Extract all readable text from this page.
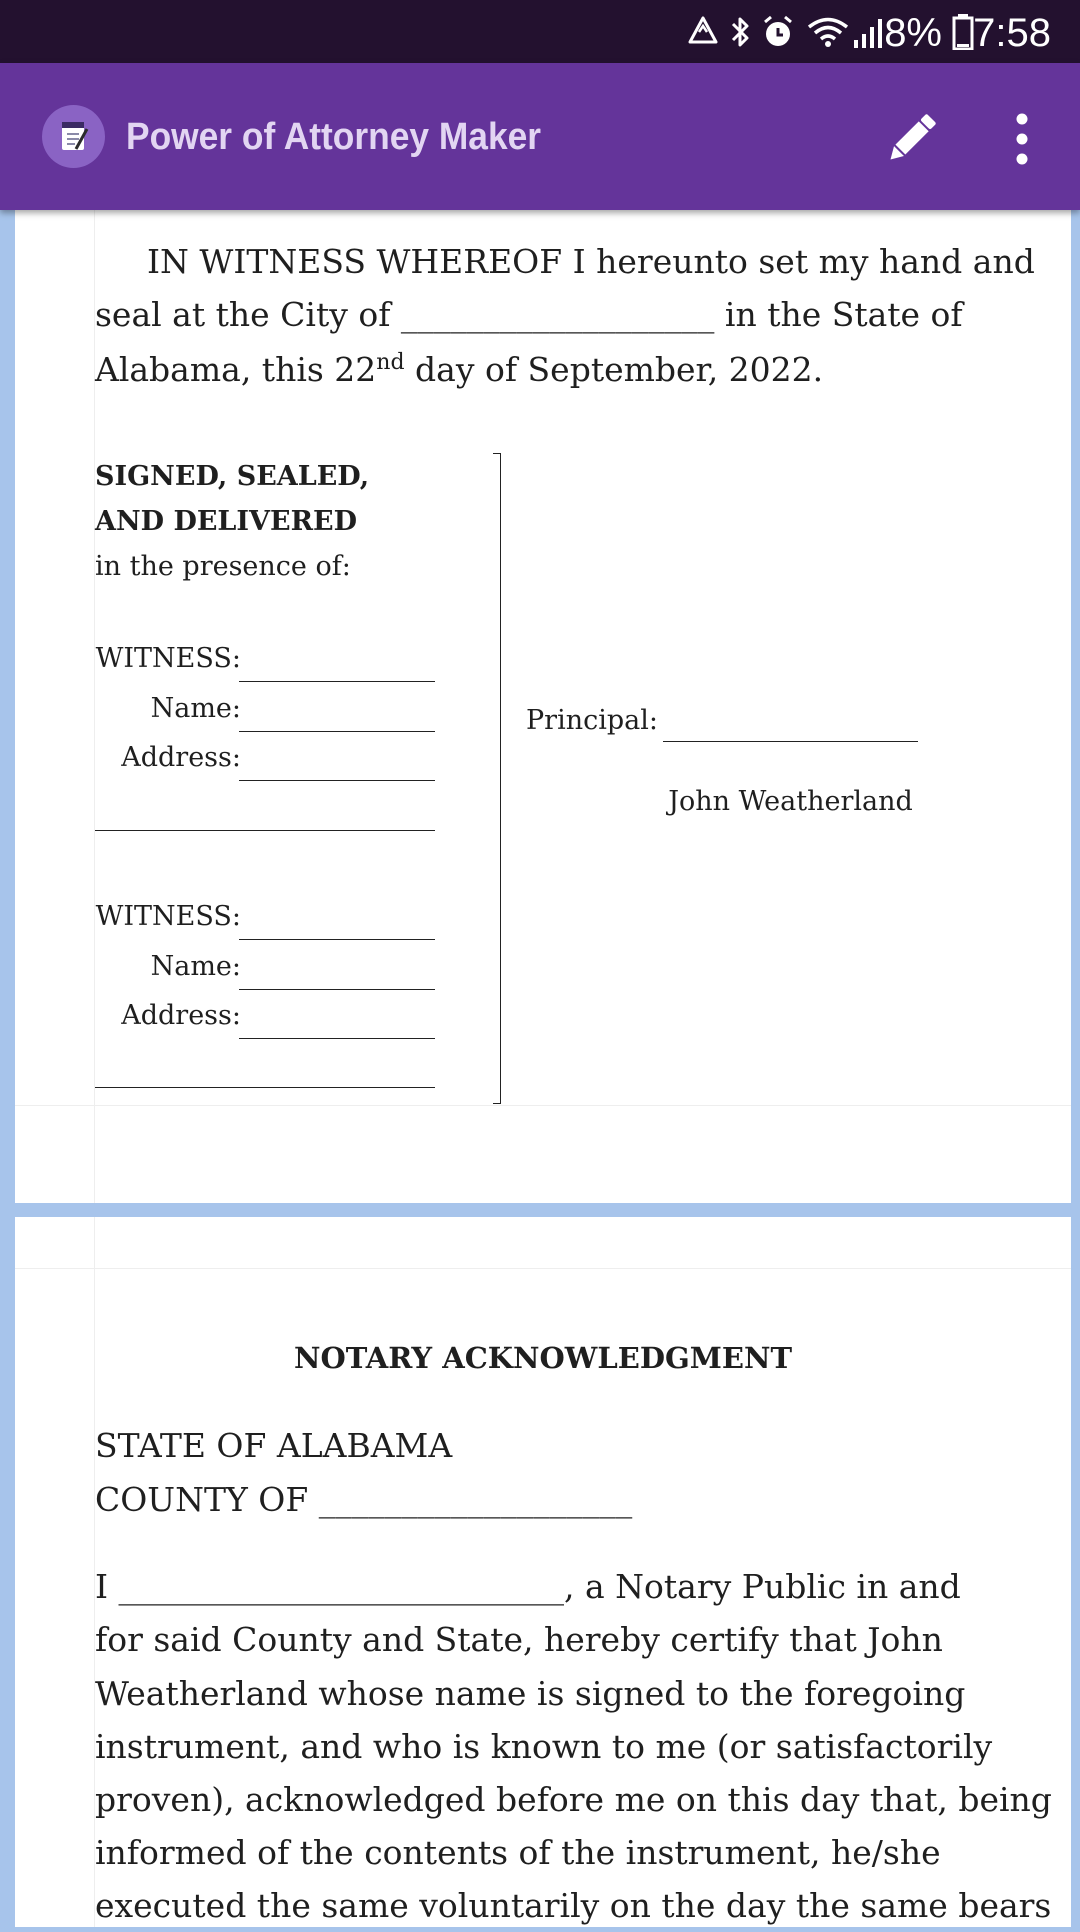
8% 7:58
Power of Attorney Maker
IN WITNESS WHEREOF I hereunto set my hand and
seal at the City of ___________________ in the State of
Alabama, this 22nd day of September, 2022.
SIGNED, SEALED,
AND DELIVERED
in the presence of:
WITNESS:
Name:
Address:
WITNESS:
Name:
Address:
Principal:
John Weatherland
NOTARY ACKNOWLEDGMENT
STATE OF ALABAMA
COUNTY OF ___________________
I ___________________________, a Notary Public in and
for said County and State, hereby certify that John
Weatherland whose name is signed to the foregoing
instrument, and who is known to me (or satisfactorily
proven), acknowledged before me on this day that, being
informed of the contents of the instrument, he/she
executed the same voluntarily on the day the same bears
